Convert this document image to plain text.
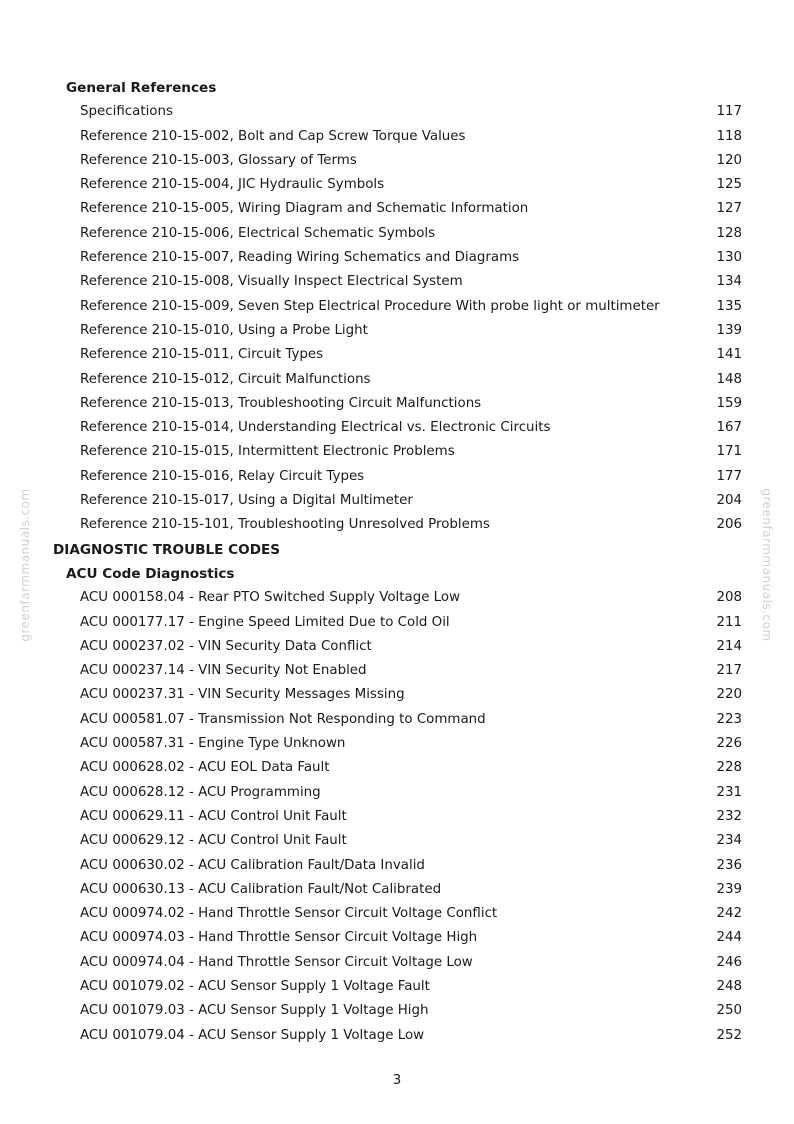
General References
Specifications	117
Reference 210-15-002, Bolt and Cap Screw Torque Values	118
Reference 210-15-003, Glossary of Terms	120
Reference 210-15-004, JIC Hydraulic Symbols	125
Reference 210-15-005, Wiring Diagram and Schematic Information	127
Reference 210-15-006, Electrical Schematic Symbols	128
Reference 210-15-007, Reading Wiring Schematics and Diagrams	130
Reference 210-15-008, Visually Inspect Electrical System	134
Reference 210-15-009, Seven Step Electrical Procedure With probe light or multimeter	135
Reference 210-15-010, Using a Probe Light	139
Reference 210-15-011, Circuit Types	141
Reference 210-15-012, Circuit Malfunctions	148
Reference 210-15-013, Troubleshooting Circuit Malfunctions	159
Reference 210-15-014, Understanding Electrical vs. Electronic Circuits	167
Reference 210-15-015, Intermittent Electronic Problems	171
Reference 210-15-016, Relay Circuit Types	177
Reference 210-15-017, Using a Digital Multimeter	204
Reference 210-15-101, Troubleshooting Unresolved Problems	206
DIAGNOSTIC TROUBLE CODES
ACU Code Diagnostics
ACU 000158.04 - Rear PTO Switched Supply Voltage Low	208
ACU 000177.17 - Engine Speed Limited Due to Cold Oil	211
ACU 000237.02 - VIN Security Data Conflict	214
ACU 000237.14 - VIN Security Not Enabled	217
ACU 000237.31 - VIN Security Messages Missing	220
ACU 000581.07 - Transmission Not Responding to Command	223
ACU 000587.31 - Engine Type Unknown	226
ACU 000628.02 - ACU EOL Data Fault	228
ACU 000628.12 - ACU Programming	231
ACU 000629.11 - ACU Control Unit Fault	232
ACU 000629.12 - ACU Control Unit Fault	234
ACU 000630.02 - ACU Calibration Fault/Data Invalid	236
ACU 000630.13 - ACU Calibration Fault/Not Calibrated	239
ACU 000974.02 - Hand Throttle Sensor Circuit Voltage Conflict	242
ACU 000974.03 - Hand Throttle Sensor Circuit Voltage High	244
ACU 000974.04 - Hand Throttle Sensor Circuit Voltage Low	246
ACU 001079.02 - ACU Sensor Supply 1 Voltage Fault	248
ACU 001079.03 - ACU Sensor Supply 1 Voltage High	250
ACU 001079.04 - ACU Sensor Supply 1 Voltage Low	252
greenfarmmanuals.com	greenfarmmanuals.com
3
